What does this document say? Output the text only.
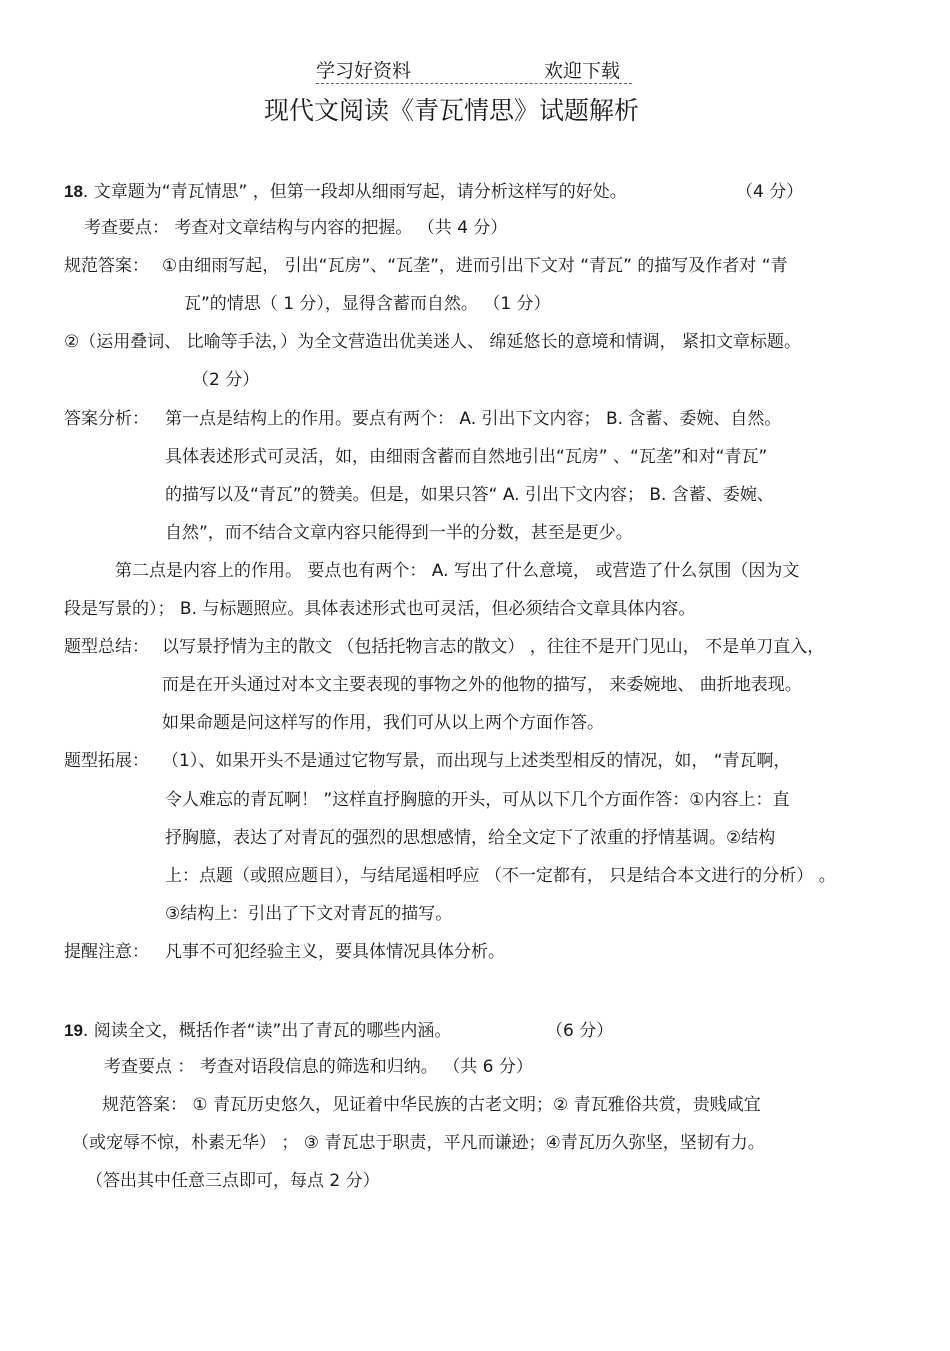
学习好资料	欢迎下载
现代文阅读《青瓦情思》试题解析
18. 文章题为“青瓦情思” ，但第一段却从细雨写起，请分析这样写的好处。	（4 分）
考查要点： 考查对文章结构与内容的把握。 （共 4 分）
规范答案： ①由细雨写起， 引出“瓦房”、“瓦垄”，进而引出下文对 “青瓦” 的描写及作者对 “青
瓦”的情思（ 1 分），显得含蓄而自然。 （1 分）
②（运用叠词、 比喻等手法，）为全文营造出优美迷人、 绵延悠长的意境和情调， 紧扣文章标题。
（2 分）
答案分析： 第一点是结构上的作用。要点有两个： A. 引出下文内容； B. 含蓄、委婉、自然。
具体表述形式可灵活，如，由细雨含蓄而自然地引出“瓦房” 、“瓦垄”和对“青瓦”
的描写以及“青瓦”的赞美。但是，如果只答“ A. 引出下文内容； B. 含蓄、委婉、
自然”，而不结合文章内容只能得到一半的分数，甚至是更少。
第二点是内容上的作用。 要点也有两个： A. 写出了什么意境， 或营造了什么氛围（因为文
段是写景的）； B. 与标题照应。具体表述形式也可灵活，但必须结合文章具体内容。
题型总结： 以写景抒情为主的散文 （包括托物言志的散文） ，往往不是开门见山， 不是单刀直入，
而是在开头通过对本文主要表现的事物之外的他物的描写， 来委婉地、 曲折地表现。
如果命题是问这样写的作用，我们可从以上两个方面作答。
题型拓展： （1）、如果开头不是通过它物写景，而出现与上述类型相反的情况，如， “青瓦啊，
令人难忘的青瓦啊！ ”这样直抒胸臆的开头，可从以下几个方面作答：①内容上：直
抒胸臆，表达了对青瓦的强烈的思想感情，给全文定下了浓重的抒情基调。②结构
上：点题（或照应题目），与结尾遥相呼应 （不一定都有， 只是结合本文进行的分析） 。
③结构上：引出了下文对青瓦的描写。
提醒注意： 凡事不可犯经验主义，要具体情况具体分析。
19. 阅读全文，概括作者“读”出了青瓦的哪些内涵。	（6 分）
考查要点 ： 考查对语段信息的筛选和归纳。 （共 6 分）
规范答案： ① 青瓦历史悠久，见证着中华民族的古老文明；② 青瓦雅俗共赏，贵贱咸宜
（或宠辱不惊，朴素无华） ； ③ 青瓦忠于职责，平凡而谦逊；④青瓦历久弥坚，坚韧有力。
（答出其中任意三点即可，每点 2 分）
